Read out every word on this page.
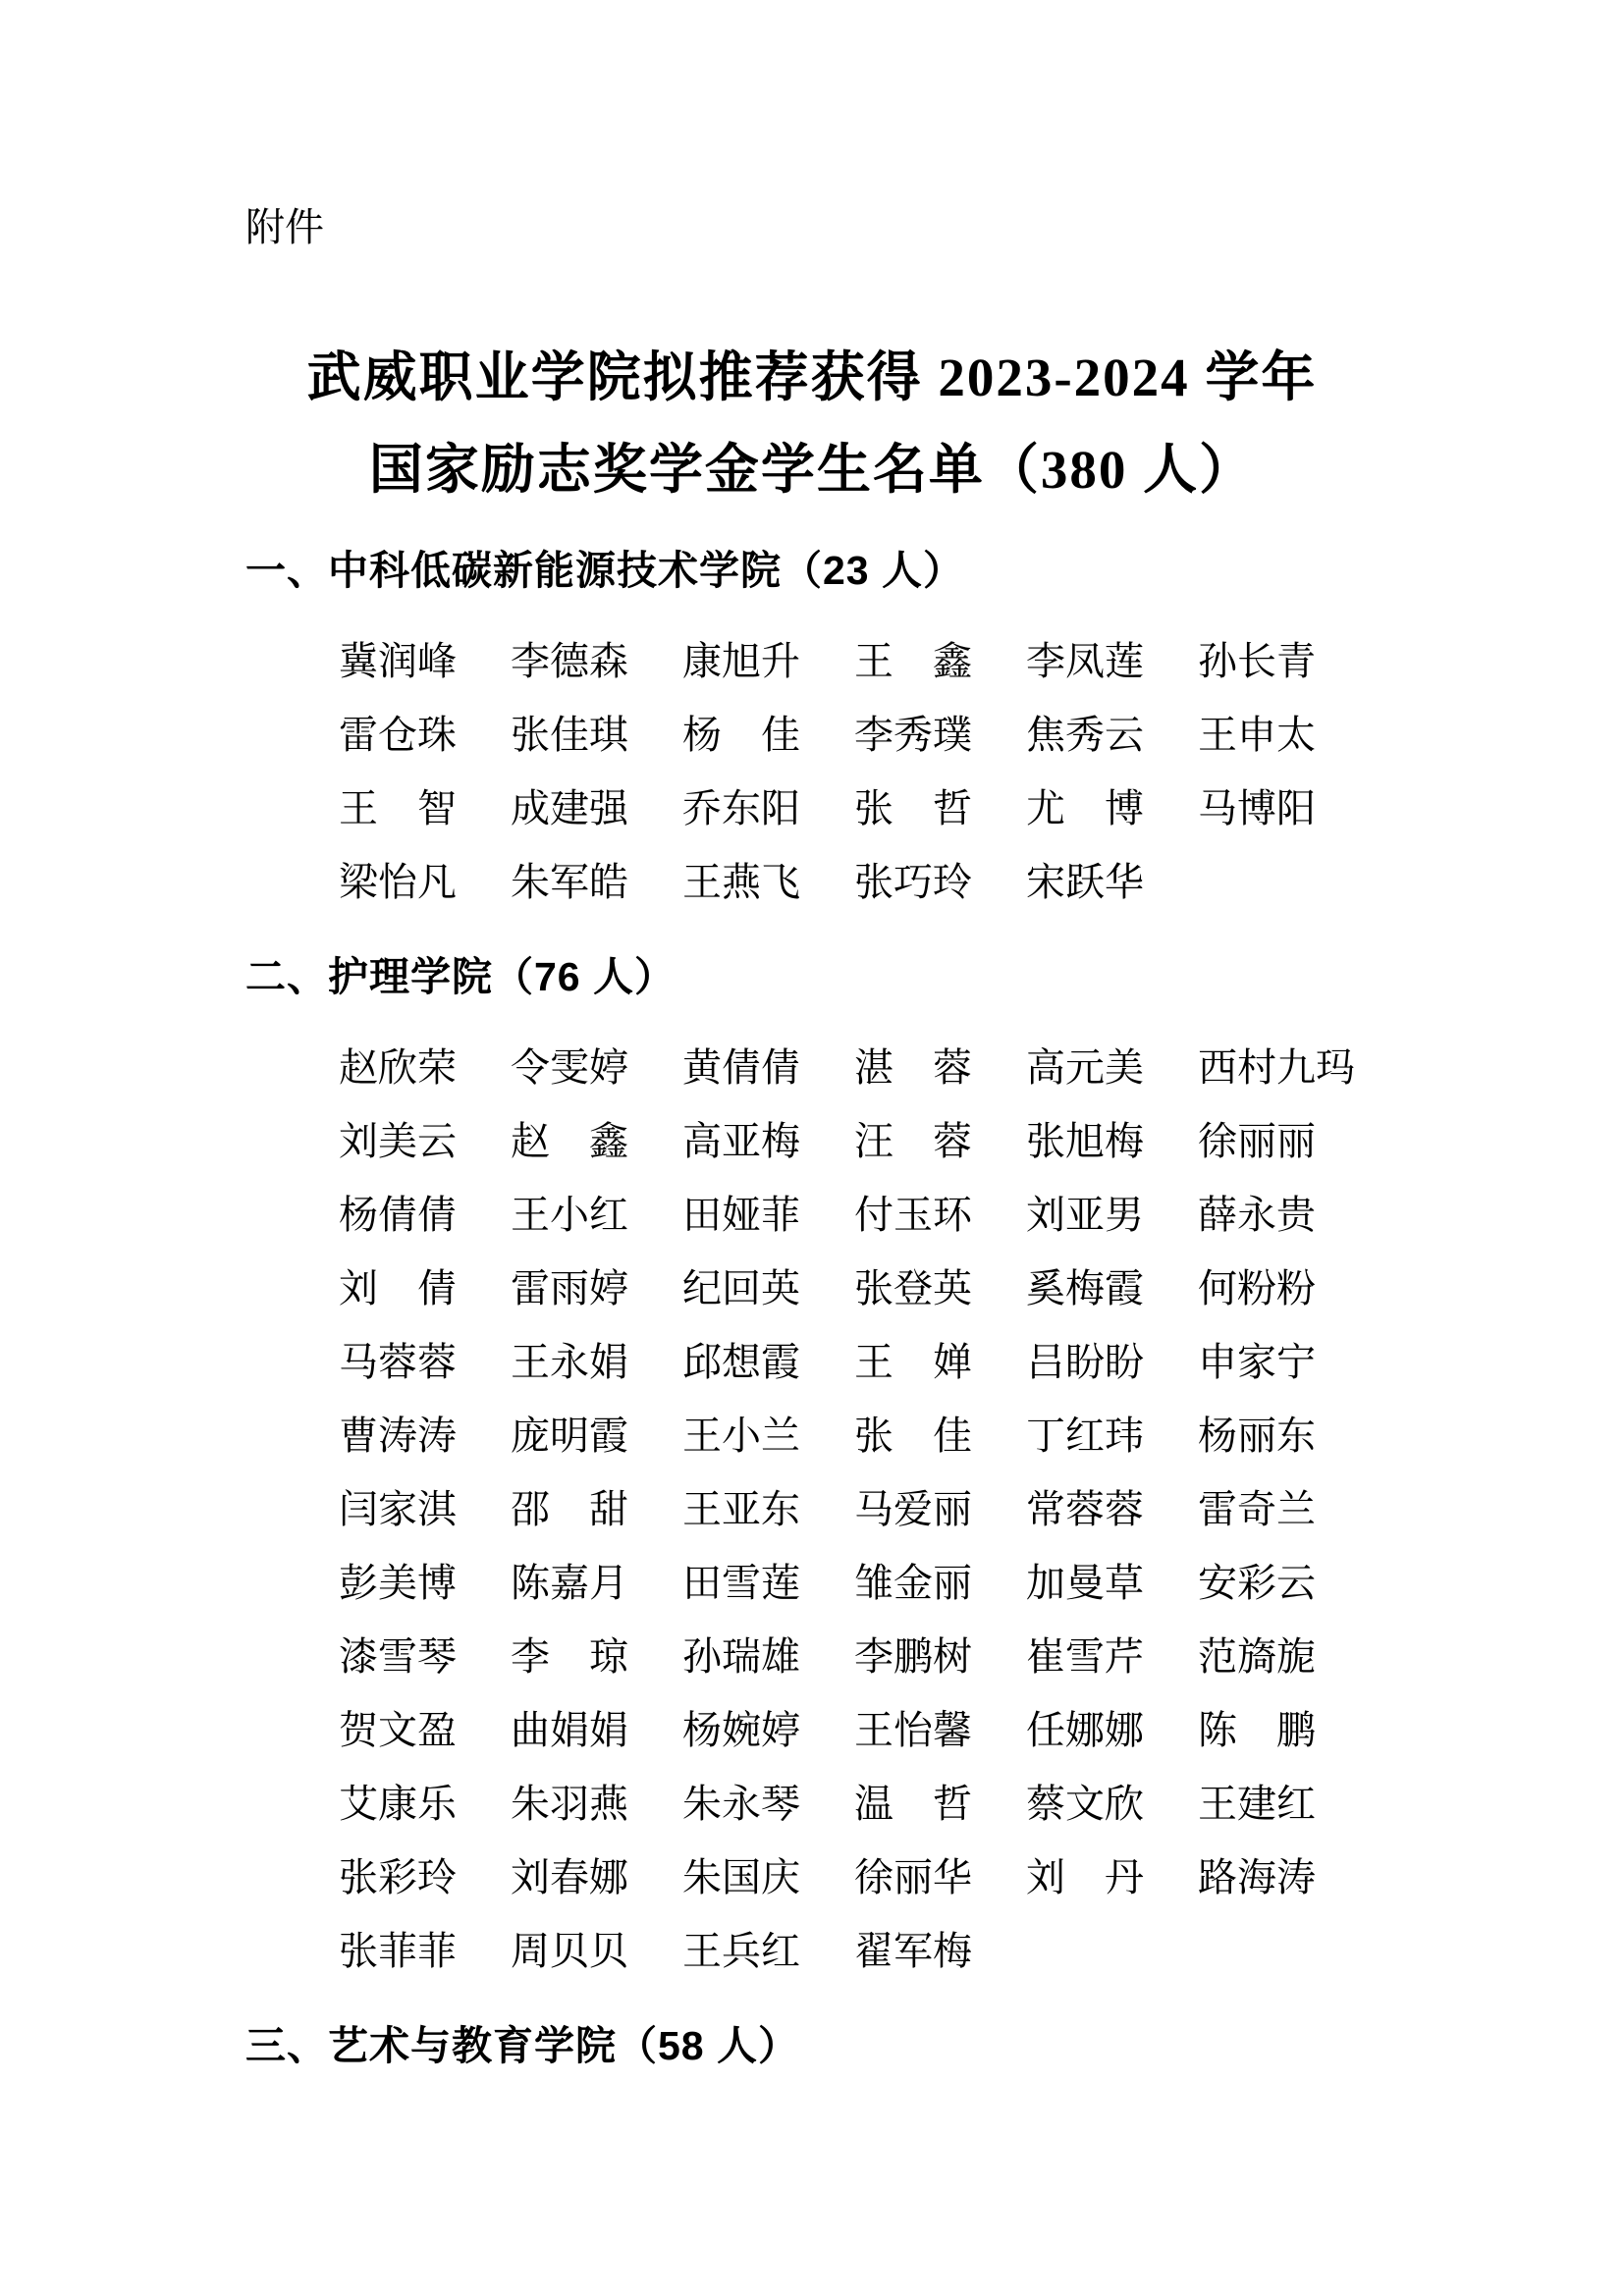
附件
武威职业学院拟推荐获得 2023-2024 学年
国家励志奖学金学生名单（380 人）
一、中科低碳新能源技术学院（23 人）
冀润峰 李德森 康旭升 王　鑫 李凤莲 孙长青
雷仓珠 张佳琪 杨　佳 李秀璞 焦秀云 王申太
王　智 成建强 乔东阳 张　哲 尤　博 马博阳
梁怡凡 朱军皓 王燕飞 张巧玲 宋跃华
二、护理学院（76 人）
赵欣荣 令雯婷 黄倩倩 湛　蓉 高元美 西村九玛
刘美云 赵　鑫 高亚梅 汪　蓉 张旭梅 徐丽丽
杨倩倩 王小红 田娅菲 付玉环 刘亚男 薛永贵
刘　倩 雷雨婷 纪回英 张登英 奚梅霞 何粉粉
马蓉蓉 王永娟 邱想霞 王　婵 吕盼盼 申家宁
曹涛涛 庞明霞 王小兰 张　佳 丁红玮 杨丽东
闫家淇 邵　甜 王亚东 马爱丽 常蓉蓉 雷奇兰
彭美博 陈嘉月 田雪莲 雏金丽 加曼草 安彩云
漆雪琴 李　琼 孙瑞雄 李鹏树 崔雪芹 范旖旎
贺文盈 曲娟娟 杨婉婷 王怡馨 任娜娜 陈　鹏
艾康乐 朱羽燕 朱永琴 温　哲 蔡文欣 王建红
张彩玲 刘春娜 朱国庆 徐丽华 刘　丹 路海涛
张菲菲 周贝贝 王兵红 翟军梅
三、艺术与教育学院（58 人）
